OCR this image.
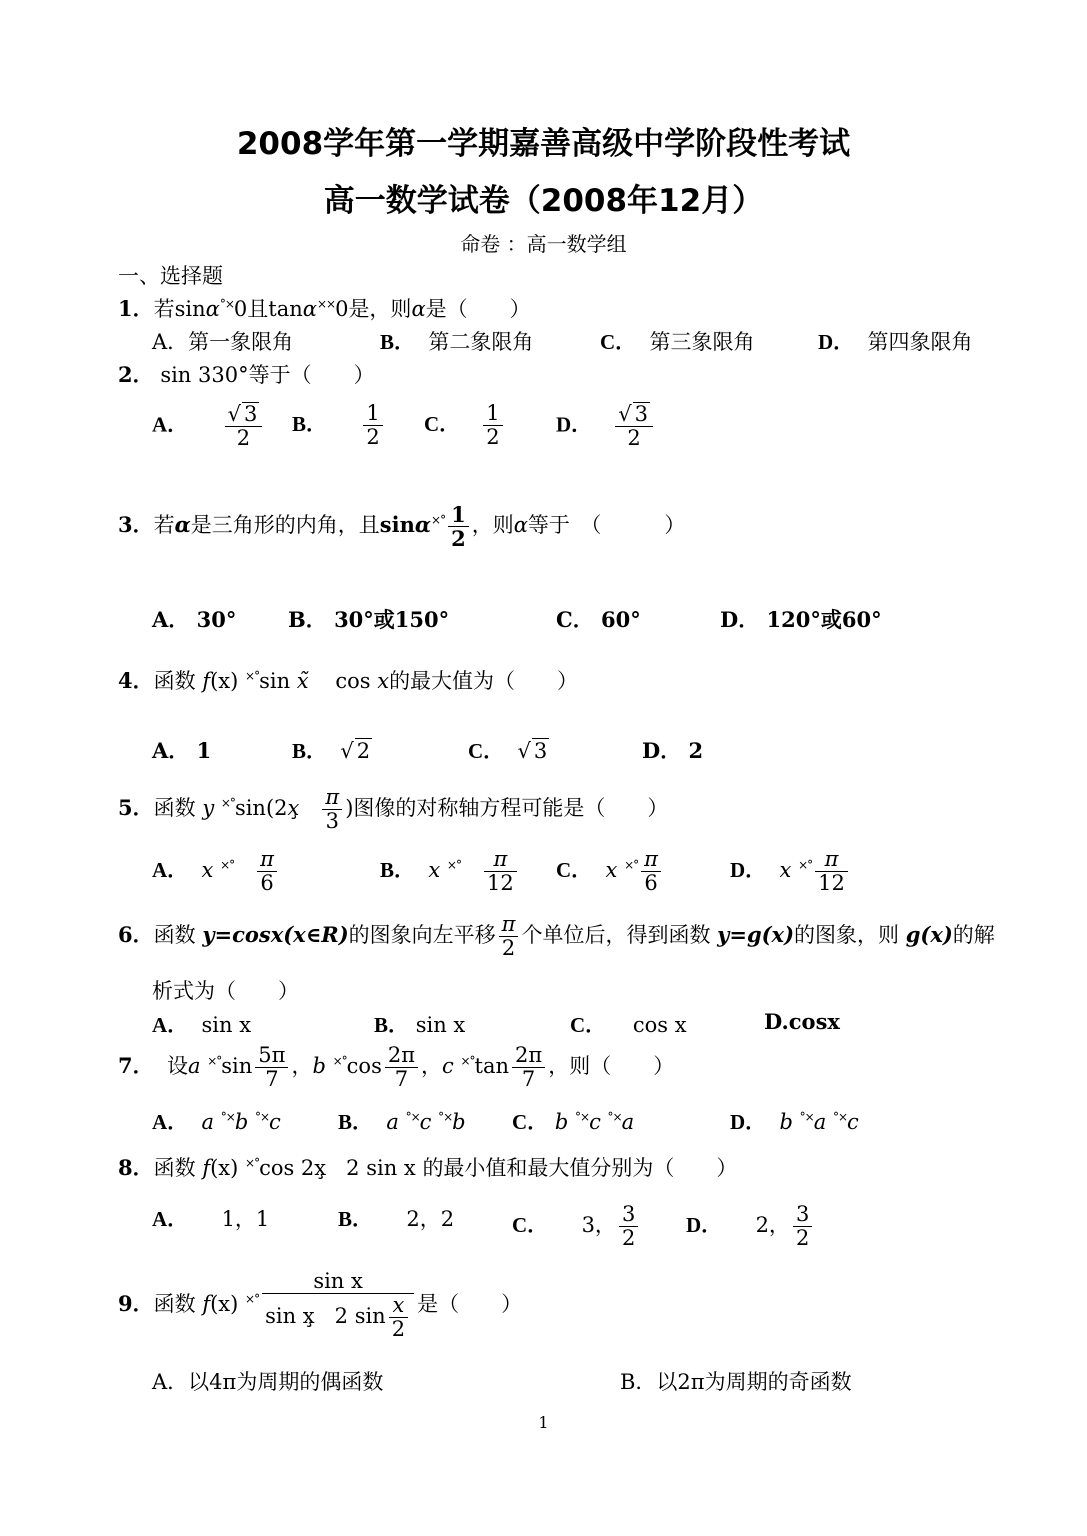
2008学年第一学期嘉善高级中学阶段性考试
高一数学试卷（2008年12月）
命卷 ：高一数学组
一、选择题
1．若sinα°×0且tanα××0是，则α是（　　）
A．第一象限角	B． 第二象限角	C． 第三象限角	D． 第四象限角
2． sin 330°等于（　　）
A． $\frac{√ 3}{2}$ B． $\frac{1}{2}$ C． $\frac{1}{2}$	D． $\frac{√ 3}{2}$
3．若α是三角形的内角，且$\sin\alpha^{\times^\circ} \frac{1}{2}$ ，则α等于　（　　　）
A． 30° B． 30°或150°	C． 60°	D． 120°或60°
4．函数 f(x) ×°sin x̃ cos x的最大值为（　　）
A． 1	B．  √ 2	C．  √ 3	D． 2
5．函数 y ×°sin(2x̧ $\frac{\pi}{3}$ )图像的对称轴方程可能是（　　）
A． x $^{\times^\circ} \frac{\pi}{6}$	B． x $^{\times^\circ} \frac{\pi}{12}$ C． x $^{\times^\circ} \frac{\pi}{6}$	D． x $^{\times^\circ} \frac{\pi}{12}$
6．函数 y=cosx(x∈R)的图象向左平移 $\frac{\pi}{2}$ 个单位后，得到函数 y=g(x)的图象，则 g(x)的解
析式为（　　）
A． sin x	B． sin x	C． cos x	D.cosx
7． 设a $^{\times^\circ}\sin \frac{5\pi}{7}$ ，b $^{\times^\circ}\cos \frac{2\pi}{7}$ ，c $^{\times^\circ}\tan \frac{2\pi}{7}$ ，则（　　）
A． a °×b °×c	B． a °×c °×b C． b °×c °×a	D． b °×a °×c
8．函数 f(x) ×°cos 2x̧ 2 sin x 的最小值和最大值分别为（　　）
A． 1，1	B． 2，2	C． 3， $\frac{3}{2}$ D． 2， $\frac{3}{2}$
9．函数 f(x) $^{\times^\circ} \frac{\text{sin x}}{\sin x̧ 2 \sin \frac{x}{2}}$ 是（　　）
A．以4π为周期的偶函数	B．以2π为周期的奇函数
1
